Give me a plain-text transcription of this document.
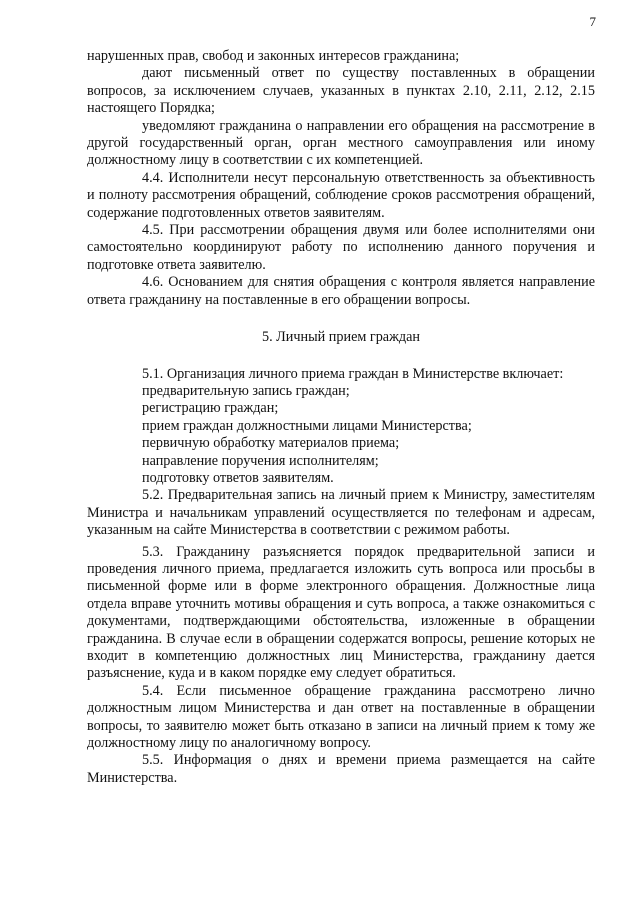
7

нарушенных прав, свобод и законных интересов гражданина;

дают письменный ответ по существу поставленных в обращении вопросов, за исключением случаев, указанных в пунктах 2.10, 2.11, 2.12, 2.15 настоящего Порядка;

уведомляют гражданина о направлении его обращения на рассмотрение в другой государственный орган, орган местного самоуправления или иному должностному лицу в соответствии с их компетенцией.

4.4. Исполнители несут персональную ответственность за объективность и полноту рассмотрения обращений, соблюдение сроков рассмотрения обращений, содержание подготовленных ответов заявителям.

4.5. При рассмотрении обращения двумя или более исполнителями они самостоятельно координируют работу по исполнению данного поручения и подготовке ответа заявителю.

4.6. Основанием для снятия обращения с контроля является направление ответа гражданину на поставленные в его обращении вопросы.

5. Личный прием граждан

5.1. Организация личного приема граждан в Министерстве включает:

предварительную запись граждан;

регистрацию граждан;

прием граждан должностными лицами Министерства;

первичную обработку материалов приема;

направление поручения исполнителям;

подготовку ответов заявителям.

5.2. Предварительная запись на личный прием к Министру, заместителям Министра и начальникам управлений осуществляется по телефонам и адресам, указанным на сайте Министерства в соответствии с режимом работы.

5.3. Гражданину разъясняется порядок предварительной записи и проведения личного приема, предлагается изложить суть вопроса или просьбы в письменной форме или в форме электронного обращения. Должностные лица отдела вправе уточнить мотивы обращения и суть вопроса, а также ознакомиться с документами, подтверждающими обстоятельства, изложенные в обращении гражданина. В случае если в обращении содержатся вопросы, решение которых не входит в компетенцию должностных лиц Министерства, гражданину дается разъяснение, куда и в каком порядке ему следует обратиться.

5.4. Если письменное обращение гражданина рассмотрено лично должностным лицом Министерства и дан ответ на поставленные в обращении вопросы, то заявителю может быть отказано в записи на личный прием к тому же должностному лицу по аналогичному вопросу.

5.5. Информация о днях и времени приема размещается на сайте Министерства.
